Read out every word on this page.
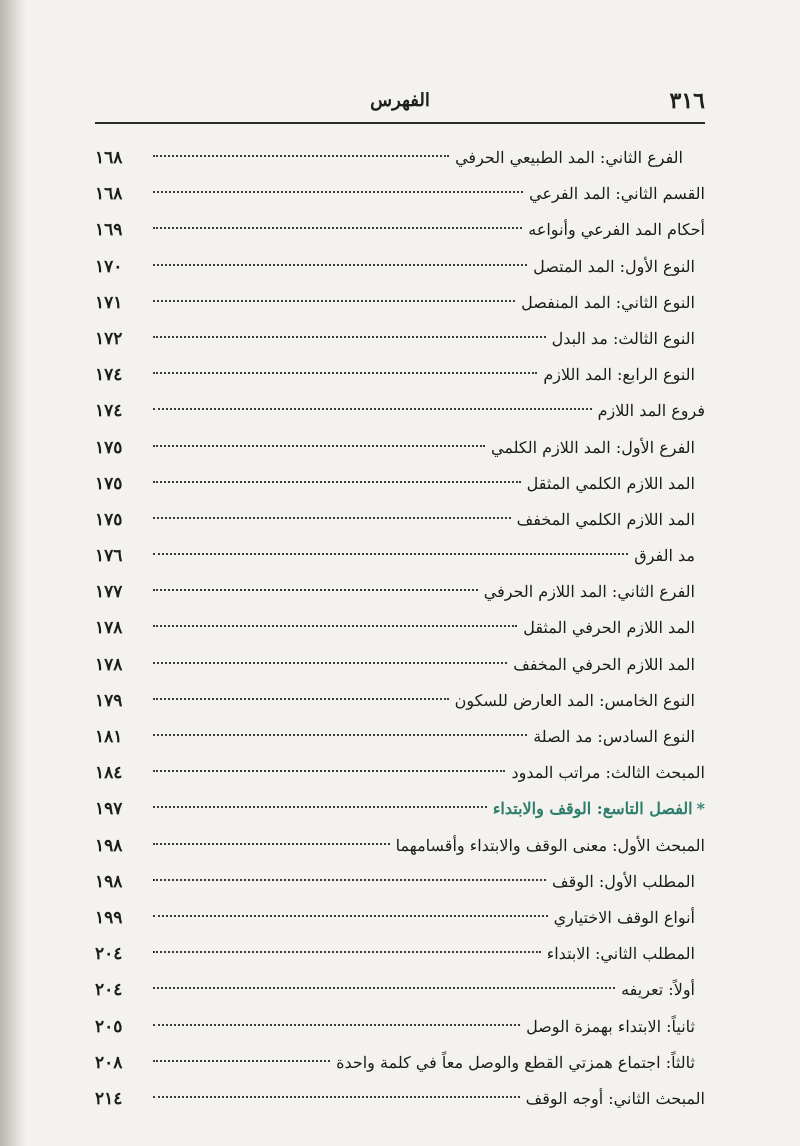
٣١٦
الفهرس
الفرع الثاني: المد الطبيعي الحرفي
١٦٨
القسم الثاني: المد الفرعي
١٦٨
أحكام المد الفرعي وأنواعه
١٦٩
النوع الأول: المد المتصل
١٧٠
النوع الثاني: المد المنفصل
١٧١
النوع الثالث: مد البدل
١٧٢
النوع الرابع: المد اللازم
١٧٤
فروع المد اللازم
١٧٤
الفرع الأول: المد اللازم الكلمي
١٧٥
المد اللازم الكلمي المثقل
١٧٥
المد اللازم الكلمي المخفف
١٧٥
مد الفرق
١٧٦
الفرع الثاني: المد اللازم الحرفي
١٧٧
المد اللازم الحرفي المثقل
١٧٨
المد اللازم الحرفي المخفف
١٧٨
النوع الخامس: المد العارض للسكون
١٧٩
النوع السادس: مد الصلة
١٨١
المبحث الثالث: مراتب المدود
١٨٤
*الفصل التاسع: الوقف والابتداء
١٩٧
المبحث الأول: معنى الوقف والابتداء وأقسامهما
١٩٨
المطلب الأول: الوقف
١٩٨
أنواع الوقف الاختياري
١٩٩
المطلب الثاني: الابتداء
٢٠٤
أولاً: تعريفه
٢٠٤
ثانياً: الابتداء بهمزة الوصل
٢٠٥
ثالثاً: اجتماع همزتي القطع والوصل معاً في كلمة واحدة
٢٠٨
المبحث الثاني: أوجه الوقف
٢١٤
